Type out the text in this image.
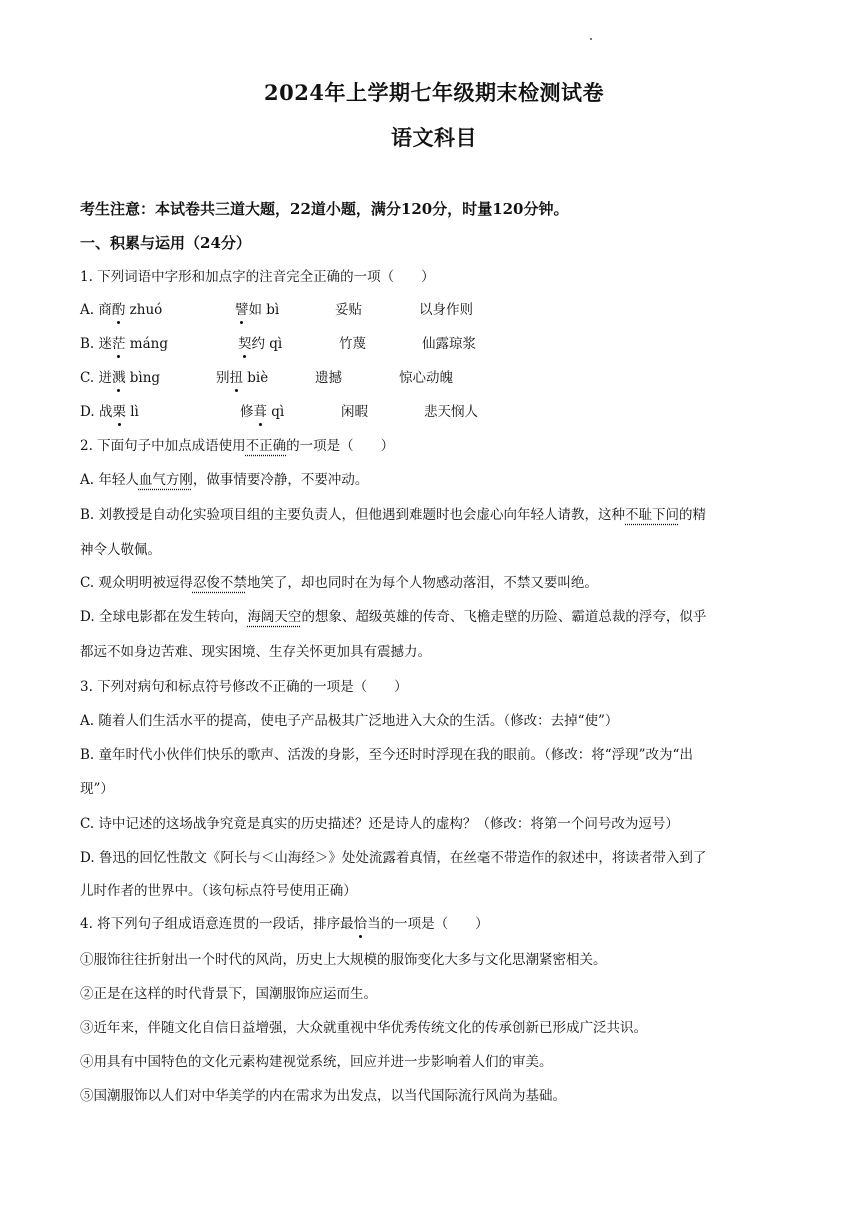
2024年上学期七年级期末检测试卷
语文科目
考生注意：本试卷共三道大题，22道小题，满分120分，时量120分钟。
一、积累与运用（24分）
1. 下列词语中字形和加点字的注音完全正确的一项（　　）
A. 商酌 zhuó	譬如 bì	妥贴	以身作则
B. 迷茫 máng	契约 qì	竹蔑	仙露琼浆
C. 迸溅 bìng	别扭 biè	遗撼	惊心动魄
D. 战栗 lì	修葺 qì	闲暇	悲天悯人
2. 下面句子中加点成语使用不正确的一项是（　　）
A. 年轻人血气方刚，做事情要冷静，不要冲动。
B. 刘教授是自动化实验项目组的主要负责人，但他遇到难题时也会虚心向年轻人请教，这种不耻下问的精
神令人敬佩。
C. 观众明明被逗得忍俊不禁地笑了，却也同时在为每个人物感动落泪，不禁又要叫绝。
D. 全球电影都在发生转向，海阔天空的想象、超级英雄的传奇、飞檐走壁的历险、霸道总裁的浮夸，似乎
都远不如身边苦难、现实困境、生存关怀更加具有震撼力。
3. 下列对病句和标点符号修改不正确的一项是（　　）
A. 随着人们生活水平的提高，使电子产品极其广泛地进入大众的生活。（修改：去掉“使”）
B. 童年时代小伙伴们快乐的歌声、活泼的身影，至今还时时浮现在我的眼前。（修改：将“浮现”改为“出
现”）
C. 诗中记述的这场战争究竟是真实的历史描述？还是诗人的虚构？（修改：将第一个问号改为逗号）
D. 鲁迅的回忆性散文《阿长与＜山海经＞》处处流露着真情，在丝毫不带造作的叙述中，将读者带入到了
儿时作者的世界中。（该句标点符号使用正确）
4. 将下列句子组成语意连贯的一段话，排序最恰当的一项是（　　）
①服饰往往折射出一个时代的风尚，历史上大规模的服饰变化大多与文化思潮紧密相关。
②正是在这样的时代背景下，国潮服饰应运而生。
③近年来，伴随文化自信日益增强，大众就重视中华优秀传统文化的传承创新已形成广泛共识。
④用具有中国特色的文化元素构建视觉系统，回应并进一步影响着人们的审美。
⑤国潮服饰以人们对中华美学的内在需求为出发点，以当代国际流行风尚为基础。
